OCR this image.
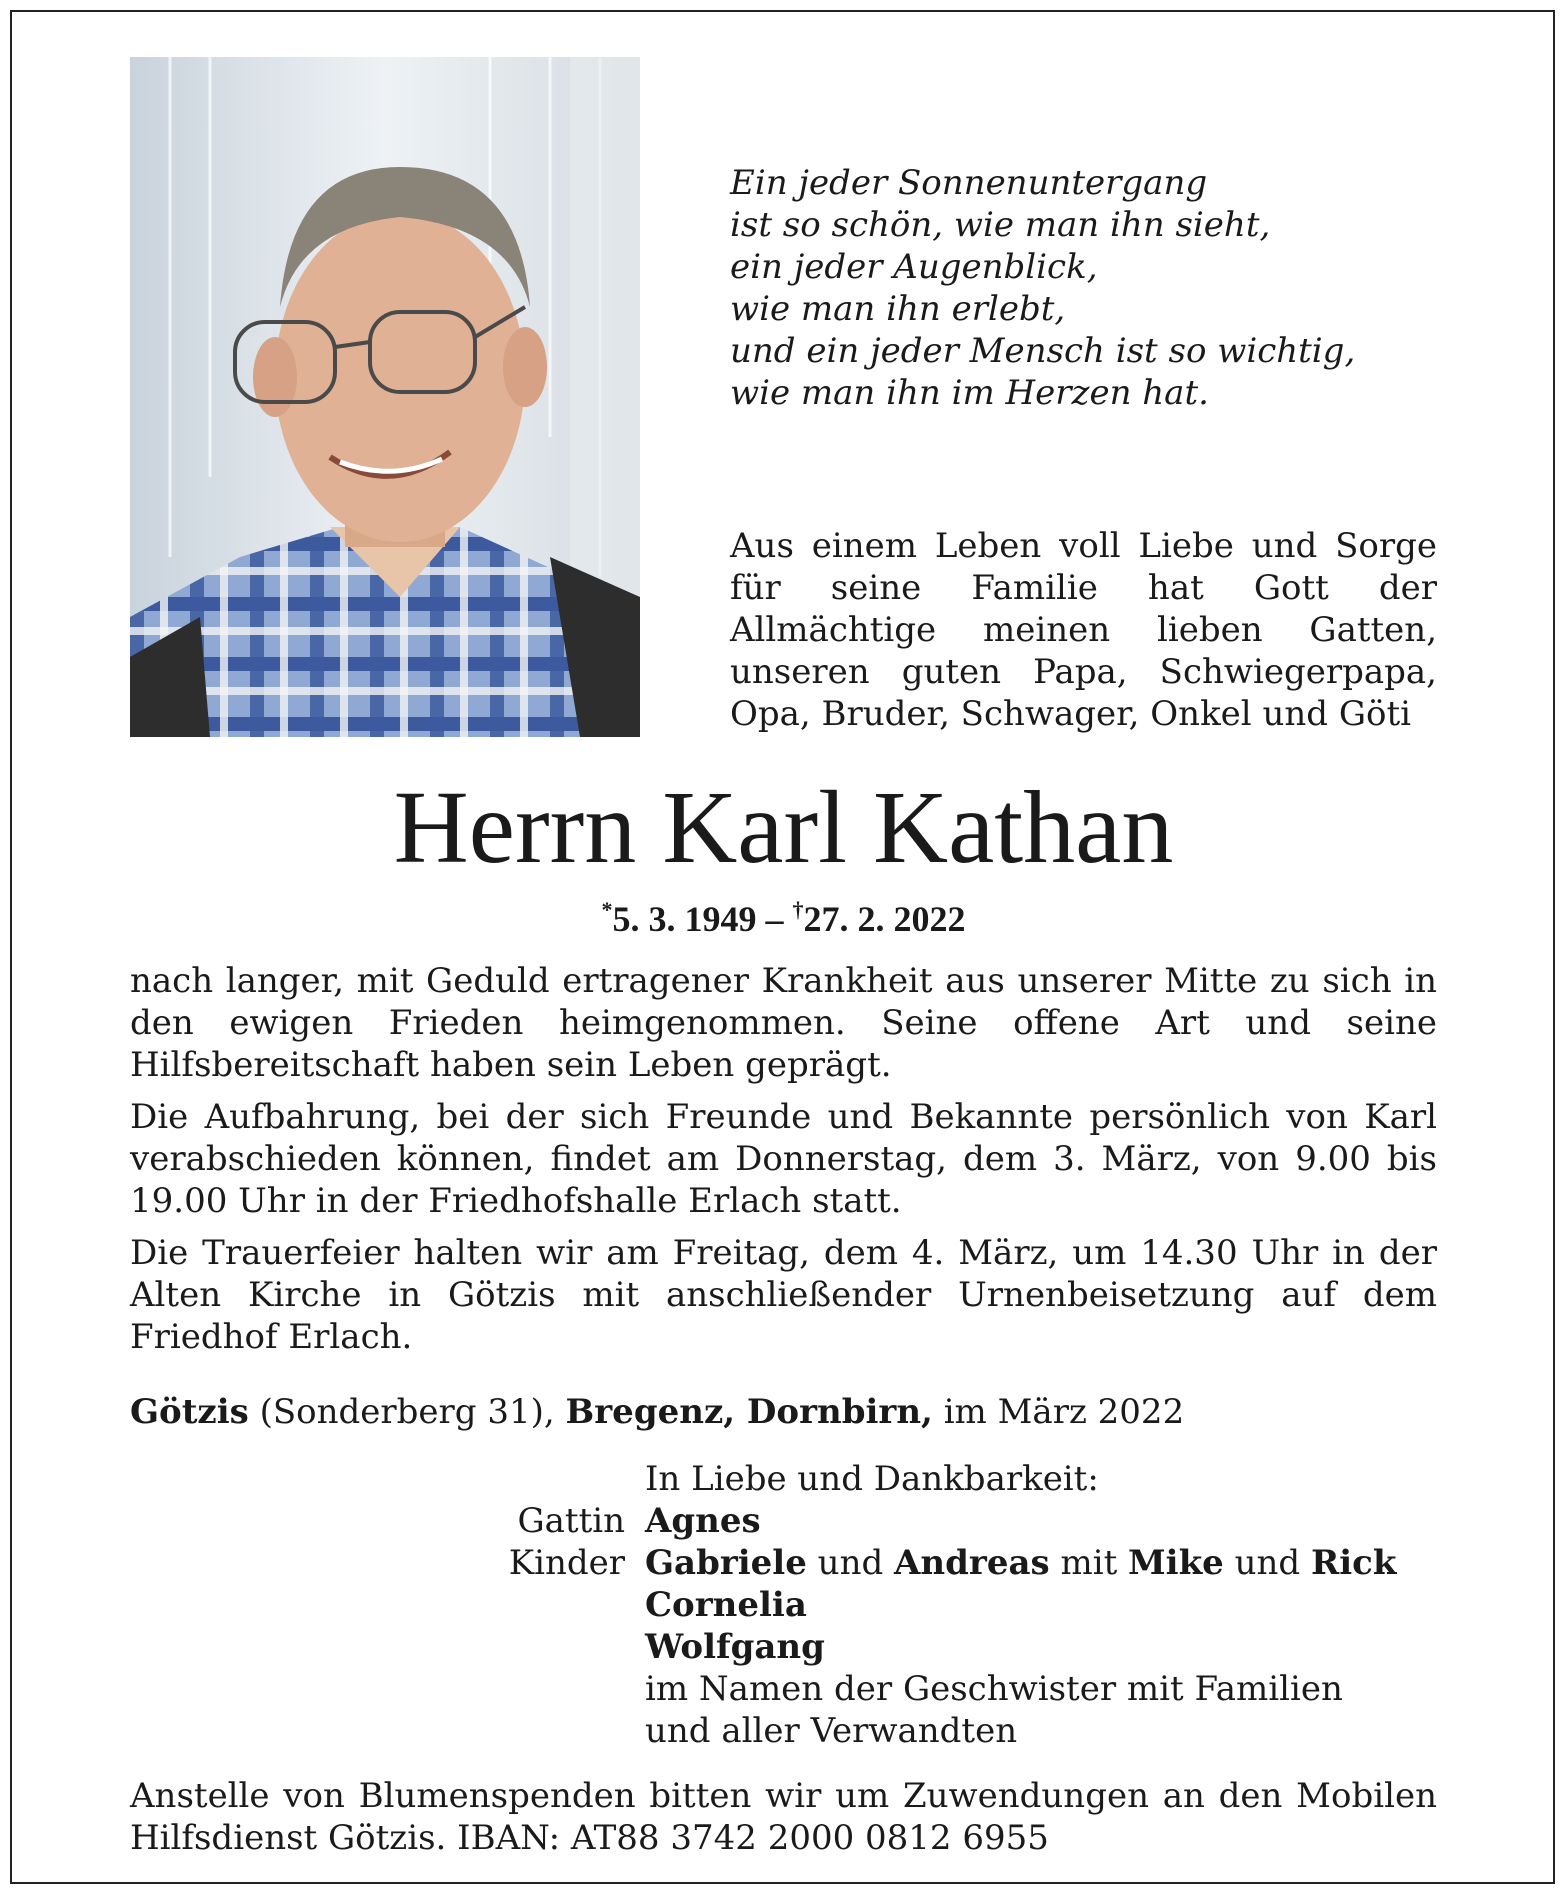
Ein jeder Sonnenuntergang
ist so schön, wie man ihn sieht,
ein jeder Augenblick,
wie man ihn erlebt,
und ein jeder Mensch ist so wichtig,
wie man ihn im Herzen hat.
Aus einem Leben voll Liebe und Sorge für seine Familie hat Gott der Allmächtige meinen lieben Gatten, unseren guten Papa, Schwiegerpapa, Opa, Bruder, Schwager, Onkel und Göti
Herrn Karl Kathan
*5. 3. 1949 – †27. 2. 2022

nach langer, mit Geduld ertragener Krankheit aus unserer Mitte zu sich in den ewigen Frieden heimgenommen. Seine offene Art und seine Hilfsbereitschaft haben sein Leben geprägt.

Die Aufbahrung, bei der sich Freunde und Bekannte persönlich von Karl verabschieden können, findet am Donnerstag, dem 3. März, von 9.00 bis 19.00 Uhr in der Friedhofshalle Erlach statt.

Die Trauerfeier halten wir am Freitag, dem 4. März, um 14.30 Uhr in der Alten Kirche in Götzis mit anschließender Urnenbeisetzung auf dem Friedhof Erlach.

Götzis (Sonderberg 31), Bregenz, Dornbirn, im März 2022
In Liebe und Dankbarkeit:
Gattin Agnes
Kinder Gabriele und Andreas mit Mike und Rick
Cornelia
Wolfgang
im Namen der Geschwister mit Familien
und aller Verwandten
Anstelle von Blumenspenden bitten wir um Zuwendungen an den Mobilen Hilfsdienst Götzis. IBAN: AT88 3742 2000 0812 6955
